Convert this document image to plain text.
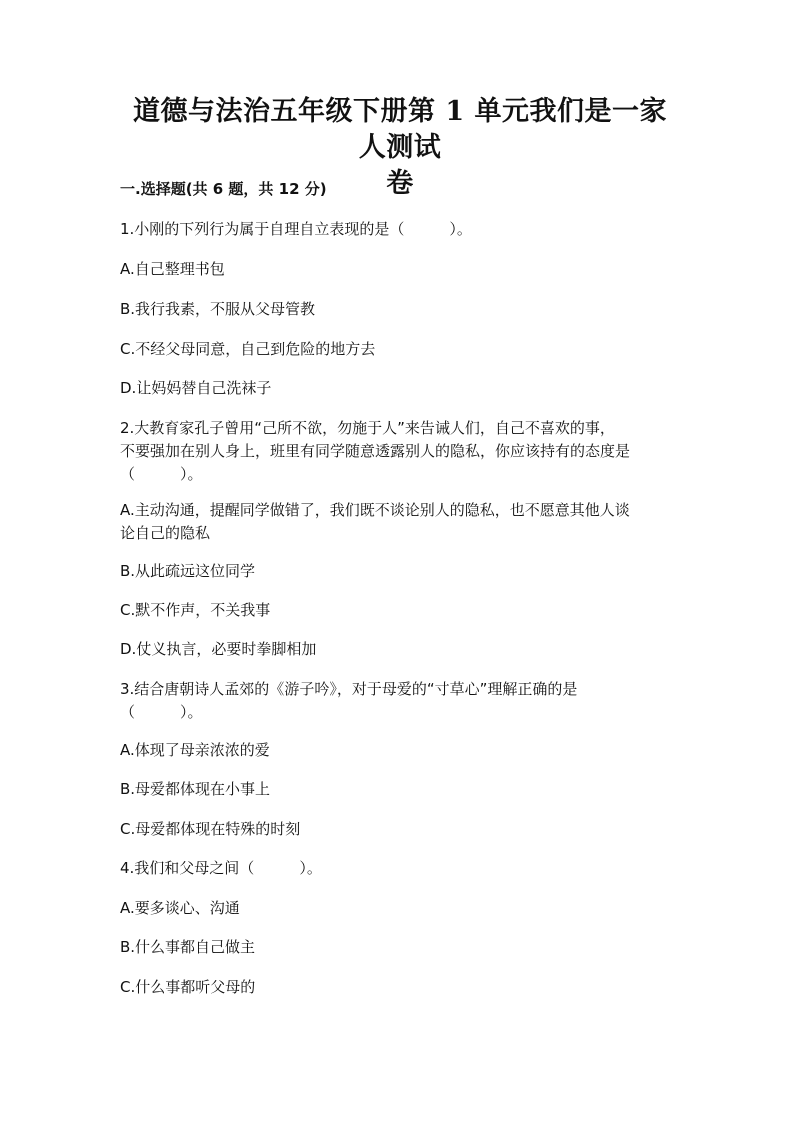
道德与法治五年级下册第 1 单元我们是一家人测试
卷
一.选择题(共 6 题，共 12 分)
1.小刚的下列行为属于自理自立表现的是（　　　）。
A.自己整理书包
B.我行我素，不服从父母管教
C.不经父母同意，自己到危险的地方去
D.让妈妈替自己洗袜子
2.大教育家孔子曾用“己所不欲，勿施于人”来告诫人们，自己不喜欢的事，
不要强加在别人身上，班里有同学随意透露别人的隐私，你应该持有的态度是
（　　　）。
A.主动沟通，提醒同学做错了，我们既不谈论别人的隐私，也不愿意其他人谈
论自己的隐私
B.从此疏远这位同学
C.默不作声，不关我事
D.仗义执言，必要时拳脚相加
3.结合唐朝诗人孟郊的《游子吟》，对于母爱的“寸草心”理解正确的是
（　　　）。
A.体现了母亲浓浓的爱
B.母爱都体现在小事上
C.母爱都体现在特殊的时刻
4.我们和父母之间（　　　）。
A.要多谈心、沟通
B.什么事都自己做主
C.什么事都听父母的
